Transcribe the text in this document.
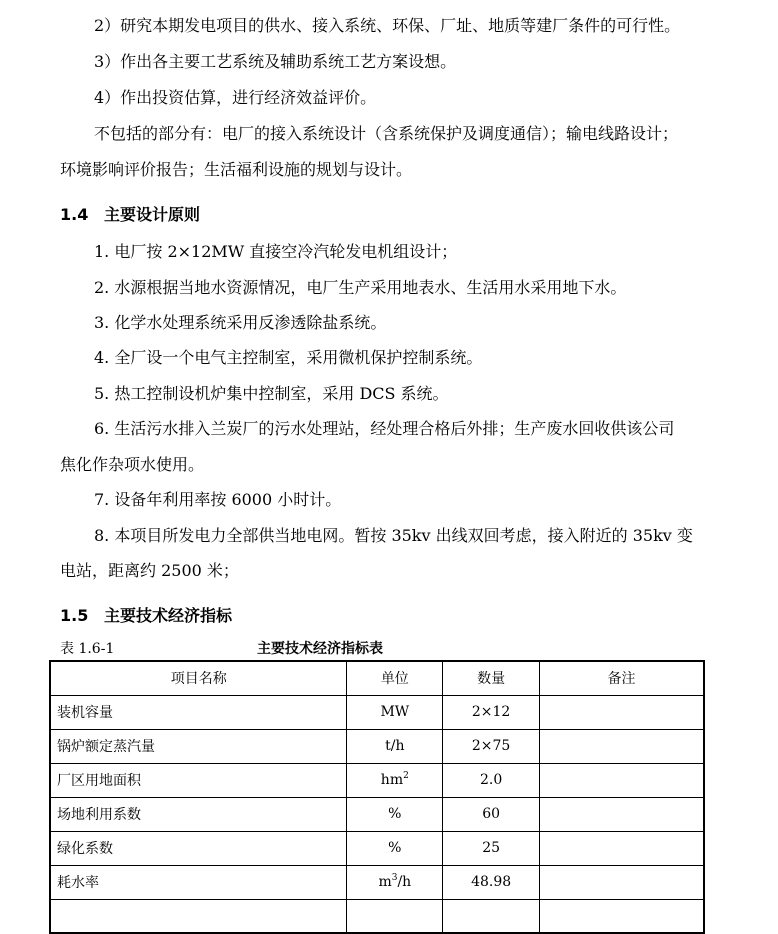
2）研究本期发电项目的供水、接入系统、环保、厂址、地质等建厂条件的可行性。
3）作出各主要工艺系统及辅助系统工艺方案设想。
4）作出投资估算，进行经济效益评价。
不包括的部分有：电厂的接入系统设计（含系统保护及调度通信）；输电线路设计；
环境影响评价报告；生活福利设施的规划与设计。
1.4 主要设计原则
1. 电厂按 2×12MW 直接空冷汽轮发电机组设计；
2. 水源根据当地水资源情况，电厂生产采用地表水、生活用水采用地下水。
3. 化学水处理系统采用反渗透除盐系统。
4. 全厂设一个电气主控制室，采用微机保护控制系统。
5. 热工控制设机炉集中控制室，采用 DCS 系统。
6. 生活污水排入兰炭厂的污水处理站，经处理合格后外排；生产废水回收供该公司
焦化作杂项水使用。
7. 设备年利用率按 6000 小时计。
8. 本项目所发电力全部供当地电网。暂按 35kv 出线双回考虑，接入附近的 35kv 变
电站，距离约 2500 米；
1.5 主要技术经济指标
表 1.6-1	主要技术经济指标表
项目名称	单位	数量	备注
装机容量	MW	2×12	
锅炉额定蒸汽量	t/h	2×75	
厂区用地面积	$hm^2$	2.0	
场地利用系数	%	60	
绿化系数	%	25	
耗水率	$m^3/h$	48.98	
